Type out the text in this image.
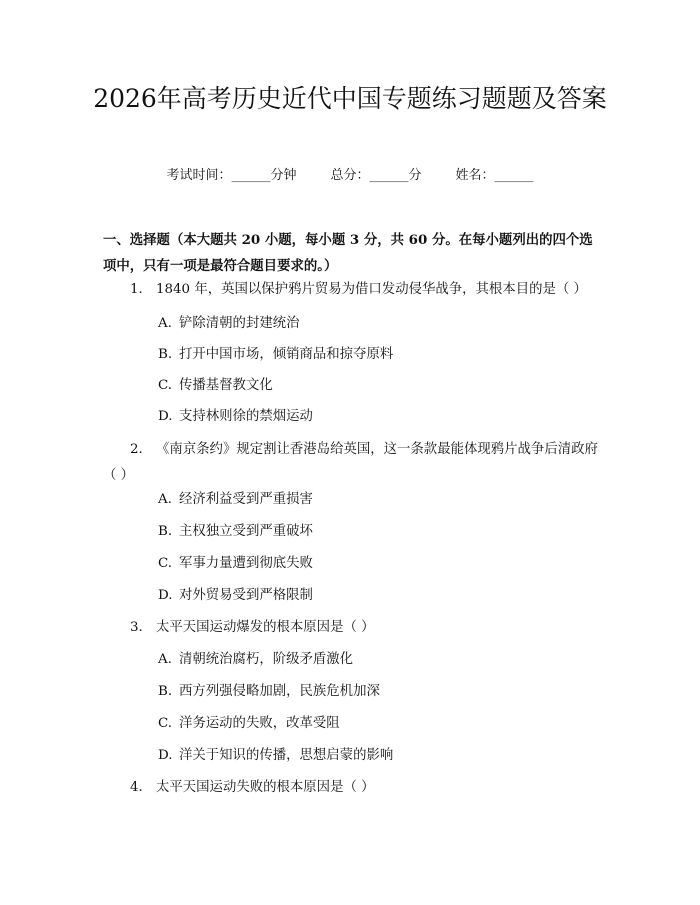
2026年高考历史近代中国专题练习题题及答案
考试时间：______分钟	总分：______分	姓名：______
一、选择题（本大题共 20 小题，每小题 3 分，共 60 分。在每小题列出的四个选项中，只有一项是最符合题目要求的。）
1. 1840 年，英国以保护鸦片贸易为借口发动侵华战争，其根本目的是（ ）
A. 铲除清朝的封建统治
B. 打开中国市场，倾销商品和掠夺原料
C. 传播基督教文化
D. 支持林则徐的禁烟运动
2. 《南京条约》规定割让香港岛给英国，这一条款最能体现鸦片战争后清政府（ ）
A. 经济利益受到严重损害
B. 主权独立受到严重破坏
C. 军事力量遭到彻底失败
D. 对外贸易受到严格限制
3. 太平天国运动爆发的根本原因是（ ）
A. 清朝统治腐朽，阶级矛盾激化
B. 西方列强侵略加剧，民族危机加深
C. 洋务运动的失败，改革受阻
D. 洋关于知识的传播，思想启蒙的影响
4. 太平天国运动失败的根本原因是（ ）
